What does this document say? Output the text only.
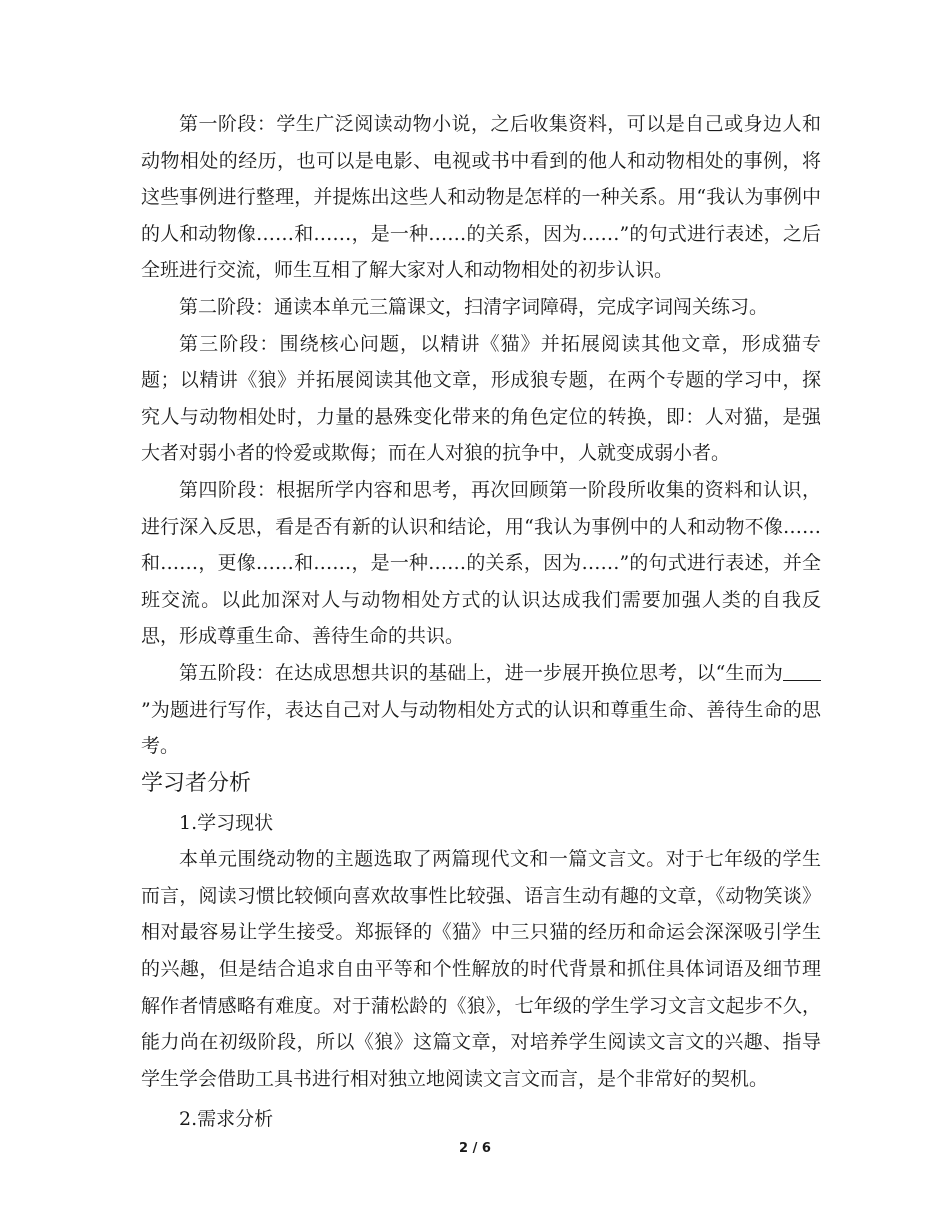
第一阶段：学生广泛阅读动物小说，之后收集资料，可以是自己或身边人和动物相处的经历，也可以是电影、电视或书中看到的他人和动物相处的事例，将这些事例进行整理，并提炼出这些人和动物是怎样的一种关系。用“我认为事例中的人和动物像……和……，是一种……的关系，因为……”的句式进行表述，之后全班进行交流，师生互相了解大家对人和动物相处的初步认识。

第二阶段：通读本单元三篇课文，扫清字词障碍，完成字词闯关练习。

第三阶段：围绕核心问题，以精讲《猫》并拓展阅读其他文章，形成猫专题；以精讲《狼》并拓展阅读其他文章，形成狼专题，在两个专题的学习中，探究人与动物相处时，力量的悬殊变化带来的角色定位的转换，即：人对猫，是强大者对弱小者的怜爱或欺侮；而在人对狼的抗争中，人就变成弱小者。

第四阶段：根据所学内容和思考，再次回顾第一阶段所收集的资料和认识，进行深入反思，看是否有新的认识和结论，用“我认为事例中的人和动物不像……和……，更像……和……，是一种……的关系，因为……”的句式进行表述，并全班交流。以此加深对人与动物相处方式的认识达成我们需要加强人类的自我反思，形成尊重生命、善待生命的共识。

第五阶段：在达成思想共识的基础上，进一步展开换位思考，以“生而为”为题进行写作，表达自己对人与动物相处方式的认识和尊重生命、善待生命的思考。

学习者分析

1.学习现状

本单元围绕动物的主题选取了两篇现代文和一篇文言文。对于七年级的学生而言，阅读习惯比较倾向喜欢故事性比较强、语言生动有趣的文章，《动物笑谈》相对最容易让学生接受。郑振铎的《猫》中三只猫的经历和命运会深深吸引学生的兴趣，但是结合追求自由平等和个性解放的时代背景和抓住具体词语及细节理解作者情感略有难度。对于蒲松龄的《狼》，七年级的学生学习文言文起步不久，能力尚在初级阶段，所以《狼》这篇文章，对培养学生阅读文言文的兴趣、指导学生学会借助工具书进行相对独立地阅读文言文而言，是个非常好的契机。

2.需求分析

2 / 6
